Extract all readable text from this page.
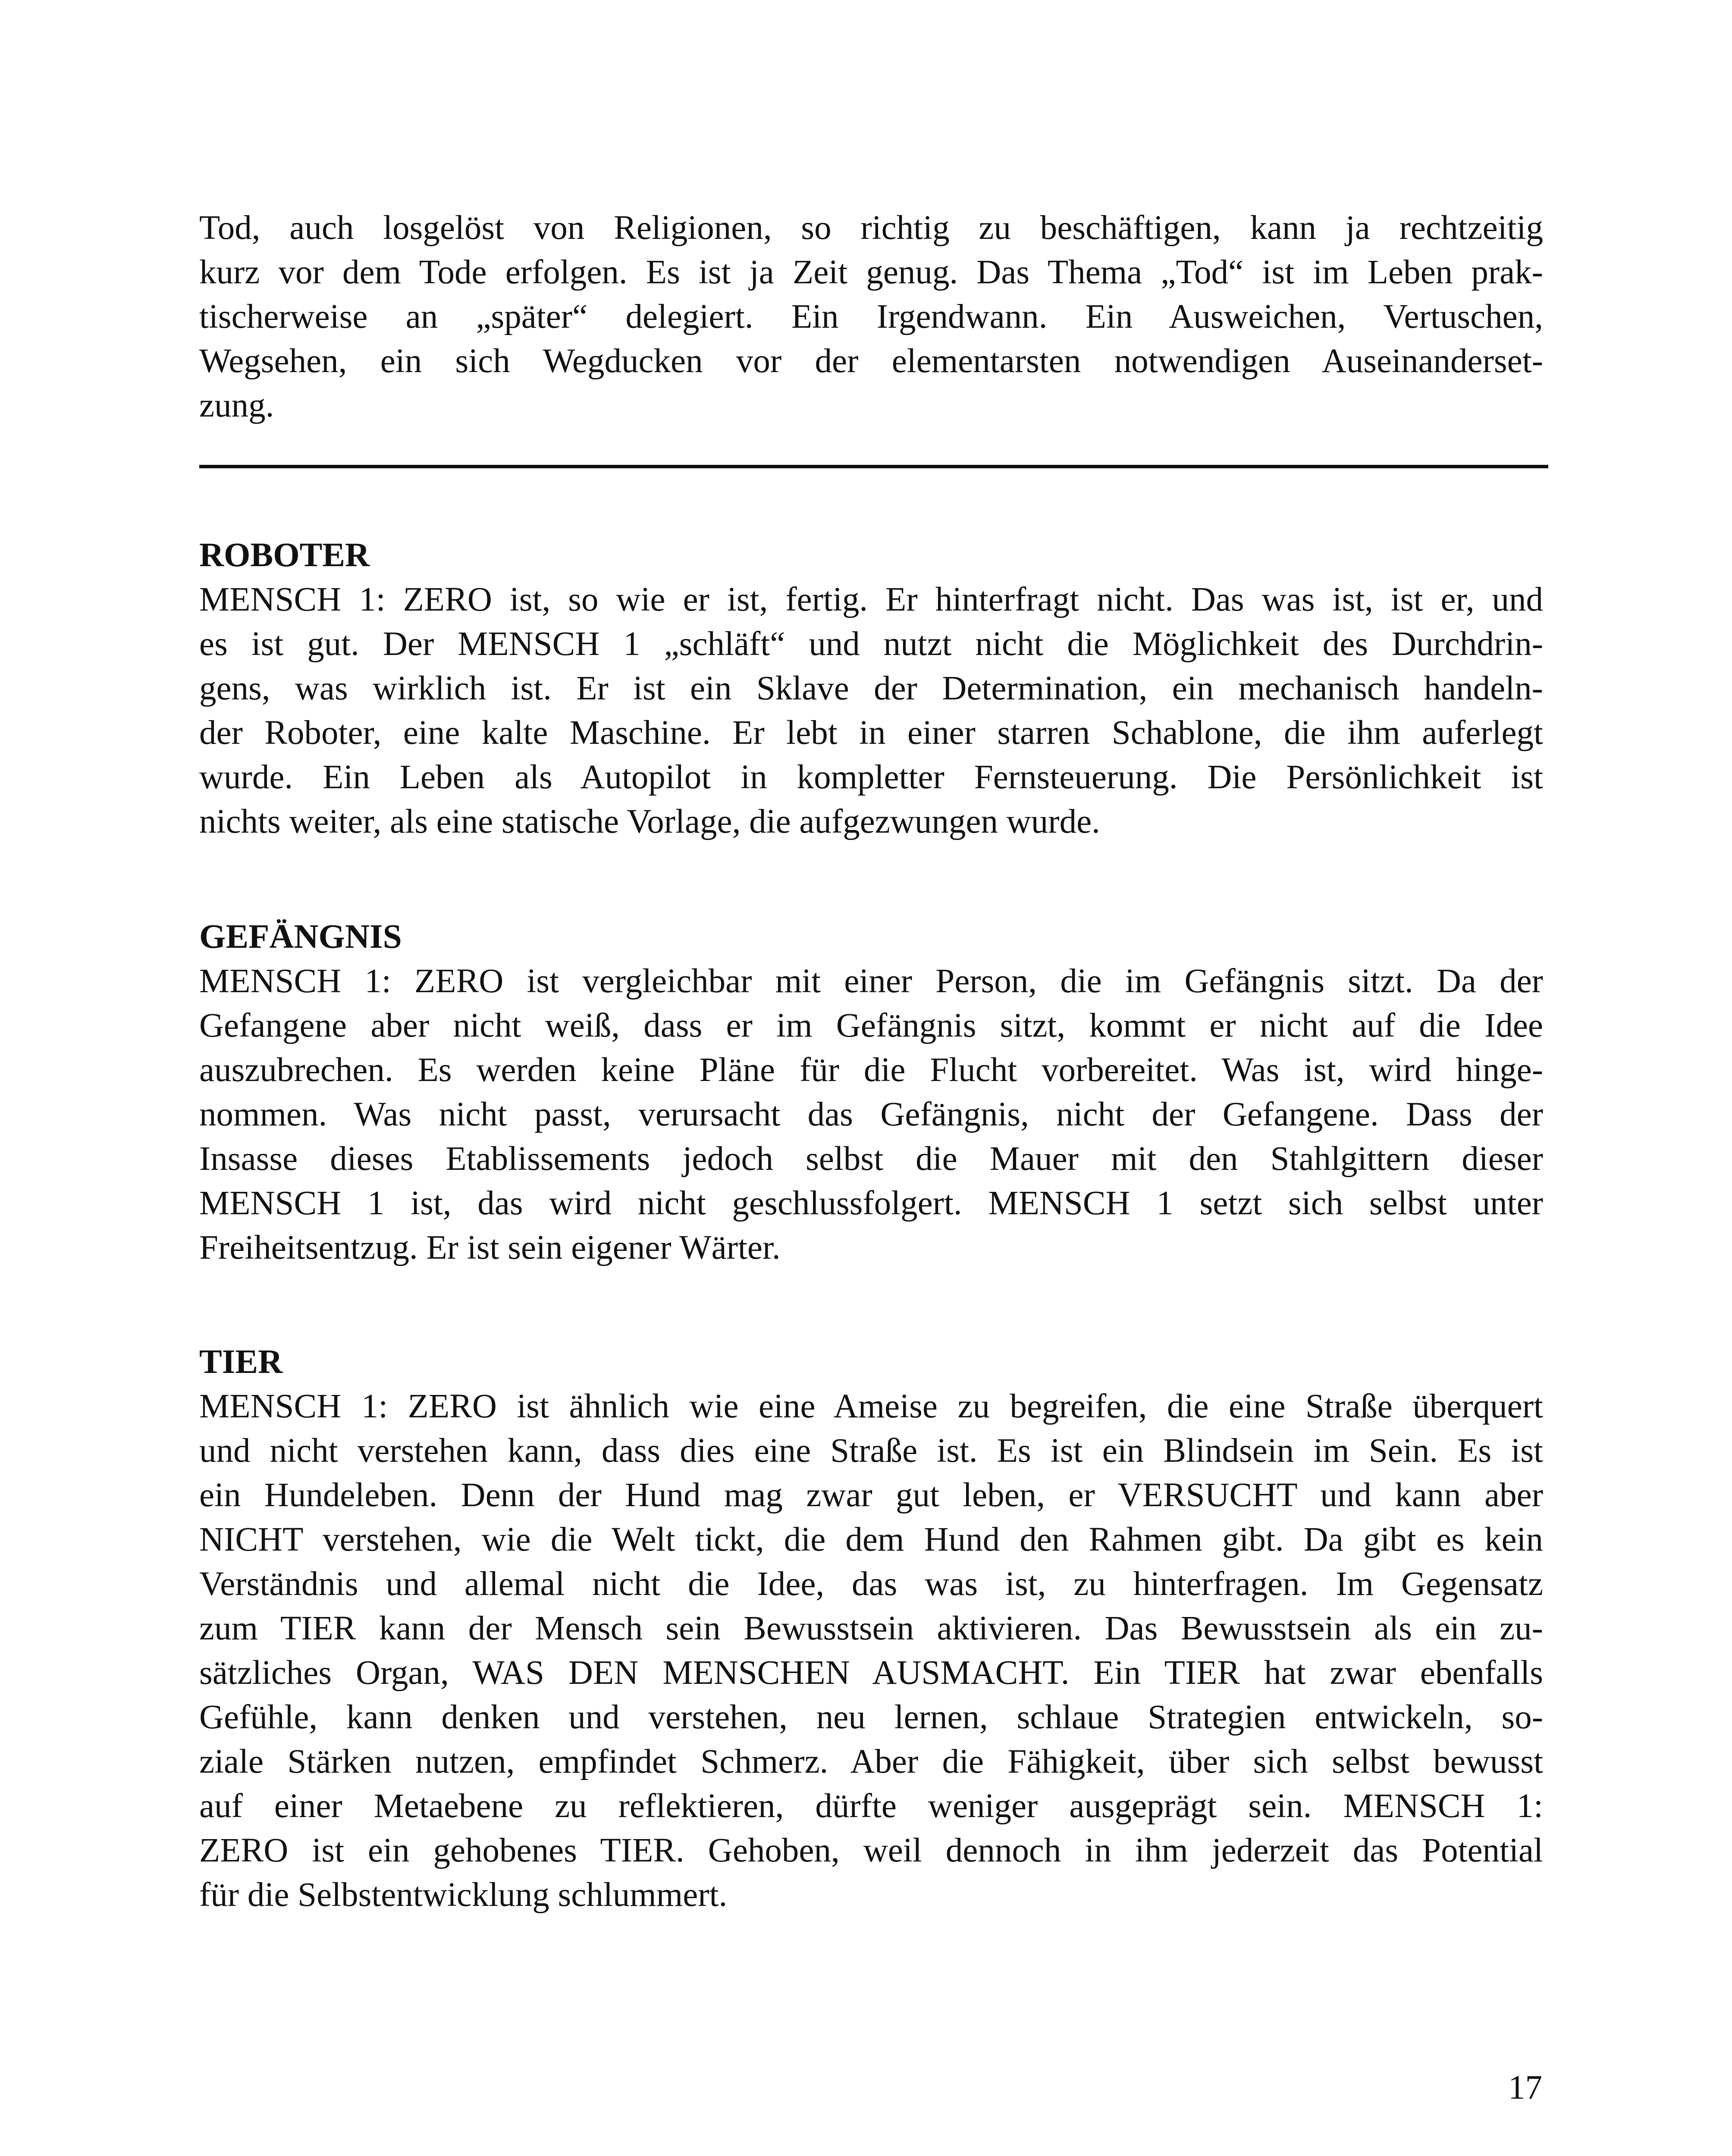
Tod, auch losgelöst von Religionen, so richtig zu beschäftigen, kann ja rechtzeitig
kurz vor dem Tode erfolgen. Es ist ja Zeit genug. Das Thema „Tod“ ist im Leben prak-
tischerweise an „später“ delegiert. Ein Irgendwann. Ein Ausweichen, Vertuschen,
Wegsehen, ein sich Wegducken vor der elementarsten notwendigen Auseinanderset-
zung.
ROBOTER
MENSCH 1: ZERO ist, so wie er ist, fertig. Er hinterfragt nicht. Das was ist, ist er, und
es ist gut. Der MENSCH 1 „schläft“ und nutzt nicht die Möglichkeit des Durchdrin-
gens, was wirklich ist. Er ist ein Sklave der Determination, ein mechanisch handeln-
der Roboter, eine kalte Maschine. Er lebt in einer starren Schablone, die ihm auferlegt
wurde. Ein Leben als Autopilot in kompletter Fernsteuerung. Die Persönlichkeit ist
nichts weiter, als eine statische Vorlage, die aufgezwungen wurde.
GEFÄNGNIS
MENSCH 1: ZERO ist vergleichbar mit einer Person, die im Gefängnis sitzt. Da der
Gefangene aber nicht weiß, dass er im Gefängnis sitzt, kommt er nicht auf die Idee
auszubrechen. Es werden keine Pläne für die Flucht vorbereitet. Was ist, wird hinge-
nommen. Was nicht passt, verursacht das Gefängnis, nicht der Gefangene. Dass der
Insasse dieses Etablissements jedoch selbst die Mauer mit den Stahlgittern dieser
MENSCH 1 ist, das wird nicht geschlussfolgert. MENSCH 1 setzt sich selbst unter
Freiheitsentzug. Er ist sein eigener Wärter.
TIER
MENSCH 1: ZERO ist ähnlich wie eine Ameise zu begreifen, die eine Straße überquert
und nicht verstehen kann, dass dies eine Straße ist. Es ist ein Blindsein im Sein. Es ist
ein Hundeleben. Denn der Hund mag zwar gut leben, er VERSUCHT und kann aber
NICHT verstehen, wie die Welt tickt, die dem Hund den Rahmen gibt. Da gibt es kein
Verständnis und allemal nicht die Idee, das was ist, zu hinterfragen. Im Gegensatz
zum TIER kann der Mensch sein Bewusstsein aktivieren. Das Bewusstsein als ein zu-
sätzliches Organ, WAS DEN MENSCHEN AUSMACHT. Ein TIER hat zwar ebenfalls
Gefühle, kann denken und verstehen, neu lernen, schlaue Strategien entwickeln, so-
ziale Stärken nutzen, empfindet Schmerz. Aber die Fähigkeit, über sich selbst bewusst
auf einer Metaebene zu reflektieren, dürfte weniger ausgeprägt sein. MENSCH 1:
ZERO ist ein gehobenes TIER. Gehoben, weil dennoch in ihm jederzeit das Potential
für die Selbstentwicklung schlummert.
17
